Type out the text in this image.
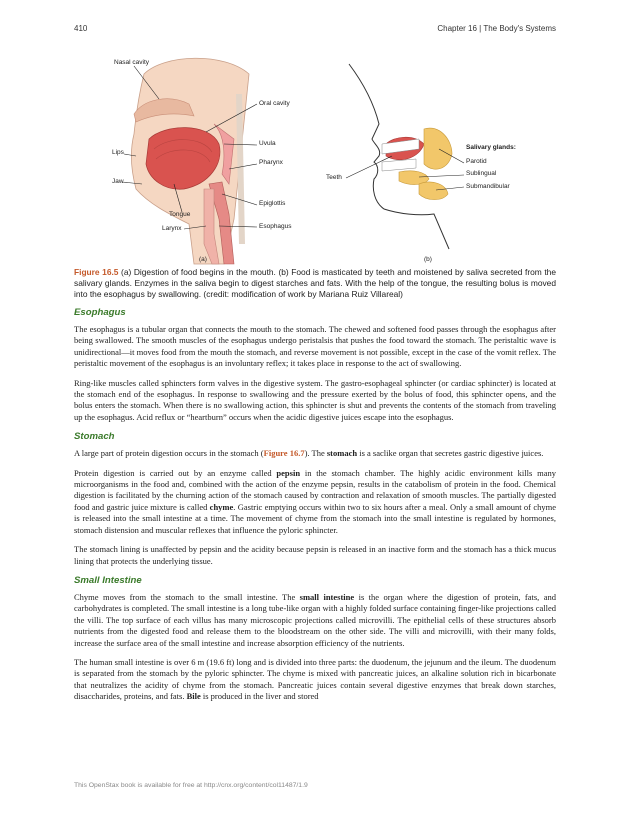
410	Chapter 16 | The Body's Systems
Nasal cavity
Oral cavity
Uvula
Pharynx
Lips
Jaw
Epiglottis
Tongue
Larynx	Esophagus
(a)
Salivary glands:
Parotid
Sublingual
Submandibular
Teeth
(b)
Figure 16.5 (a) Digestion of food begins in the mouth. (b) Food is masticated by teeth and moistened by saliva secreted from the salivary glands. Enzymes in the saliva begin to digest starches and fats. With the help of the tongue, the resulting bolus is moved into the esophagus by swallowing. (credit: modification of work by Mariana Ruiz Villareal)
Esophagus

The esophagus is a tubular organ that connects the mouth to the stomach. The chewed and softened food passes through the esophagus after being swallowed. The smooth muscles of the esophagus undergo peristalsis that pushes the food toward the stomach. The peristaltic wave is unidirectional—it moves food from the mouth the stomach, and reverse movement is not possible, except in the case of the vomit reflex. The peristaltic movement of the esophagus is an involuntary reflex; it takes place in response to the act of swallowing.

Ring-like muscles called sphincters form valves in the digestive system. The gastro-esophageal sphincter (or cardiac sphincter) is located at the stomach end of the esophagus. In response to swallowing and the pressure exerted by the bolus of food, this sphincter opens, and the bolus enters the stomach. When there is no swallowing action, this sphincter is shut and prevents the contents of the stomach from traveling up the esophagus. Acid reflux or “heartburn” occurs when the acidic digestive juices escape into the esophagus.

Stomach

A large part of protein digestion occurs in the stomach (Figure 16.7). The stomach is a saclike organ that secretes gastric digestive juices.

Protein digestion is carried out by an enzyme called pepsin in the stomach chamber. The highly acidic environment kills many microorganisms in the food and, combined with the action of the enzyme pepsin, results in the catabolism of protein in the food. Chemical digestion is facilitated by the churning action of the stomach caused by contraction and relaxation of smooth muscles. The partially digested food and gastric juice mixture is called chyme. Gastric emptying occurs within two to six hours after a meal. Only a small amount of chyme is released into the small intestine at a time. The movement of chyme from the stomach into the small intestine is regulated by hormones, stomach distension and muscular reflexes that influence the pyloric sphincter.

The stomach lining is unaffected by pepsin and the acidity because pepsin is released in an inactive form and the stomach has a thick mucus lining that protects the underlying tissue.

Small Intestine

Chyme moves from the stomach to the small intestine. The small intestine is the organ where the digestion of protein, fats, and carbohydrates is completed. The small intestine is a long tube-like organ with a highly folded surface containing finger-like projections called the villi. The top surface of each villus has many microscopic projections called microvilli. The epithelial cells of these structures absorb nutrients from the digested food and release them to the bloodstream on the other side. The villi and microvilli, with their many folds, increase the surface area of the small intestine and increase absorption efficiency of the nutrients.

The human small intestine is over 6 m (19.6 ft) long and is divided into three parts: the duodenum, the jejunum and the ileum. The duodenum is separated from the stomach by the pyloric sphincter. The chyme is mixed with pancreatic juices, an alkaline solution rich in bicarbonate that neutralizes the acidity of chyme from the stomach. Pancreatic juices contain several digestive enzymes that break down starches, disaccharides, proteins, and fats. Bile is produced in the liver and stored

This OpenStax book is available for free at http://cnx.org/content/col11487/1.9
